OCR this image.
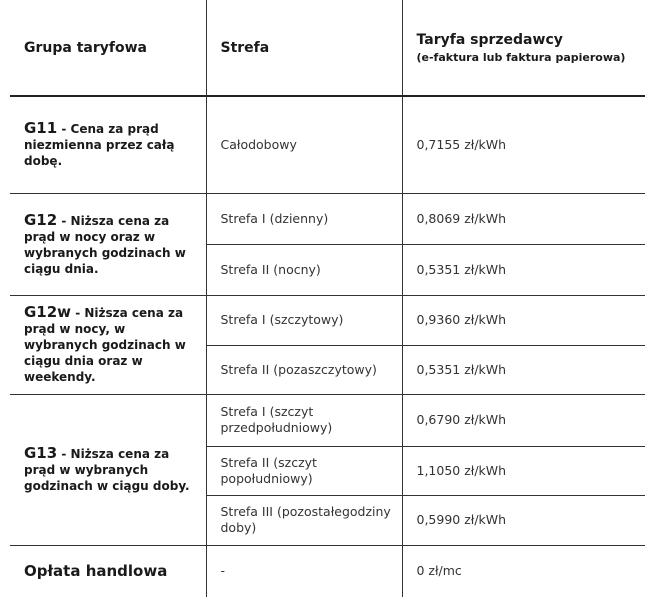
Grupa taryfowa	Strefa	Taryfa sprzedawcy
(e-faktura lub faktura papierowa)

G11 - Cena za prąd niezmienna przez całą dobę.	Całodobowy	0,7155 zł/kWh
G12 - Niższa cena za prąd w nocy oraz w wybranych godzinach w ciągu dnia.	Strefa I (dzienny)	0,8069 zł/kWh
	Strefa II (nocny)	0,5351 zł/kWh
G12w - Niższa cena za prąd w nocy, w wybranych godzinach w ciągu dnia oraz w weekendy.	Strefa I (szczytowy)	0,9360 zł/kWh
	Strefa II (pozaszczytowy)	0,5351 zł/kWh
G13 - Niższa cena za prąd w wybranych godzinach w ciągu doby.	Strefa I (szczyt przedpołudniowy)	0,6790 zł/kWh
	Strefa II (szczyt popołudniowy)	1,1050 zł/kWh
	Strefa III (pozostałegodziny doby)	0,5990 zł/kWh
Opłata handlowa	-	0 zł/mc
